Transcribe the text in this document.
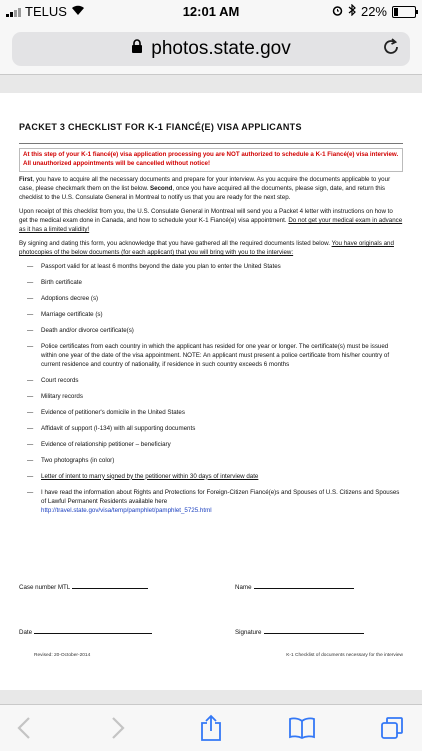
TELUS	12:01 AM	22%
photos.state.gov
PACKET 3 CHECKLIST FOR K-1 FIANCÉ(E) VISA APPLICANTS
At this step of your K-1 fiancé(e) visa application processing you are NOT authorized to schedule a K-1 Fiancé(e) visa interview. All unauthorized appointments will be cancelled without notice!
First, you have to acquire all the necessary documents and prepare for your interview. As you acquire the documents applicable to your case, please checkmark them on the list below. Second, once you have acquired all the documents, please sign, date, and return this checklist to the U.S. Consulate General in Montreal to notify us that you are ready for the next step.
Upon receipt of this checklist from you, the U.S. Consulate General in Montreal will send you a Packet 4 letter with instructions on how to get the medical exam done in Canada, and how to schedule your K-1 Fiancé(e) visa appointment. Do not get your medical exam in advance as it has a limited validity!
By signing and dating this form, you acknowledge that you have gathered all the required documents listed below. You have originals and photocopies of the below documents (for each applicant) that you will bring with you to the interview:
—	Passport valid for at least 6 months beyond the date you plan to enter the United States
—	Birth certificate
—	Adoptions decree (s)
—	Marriage certificate (s)
—	Death and/or divorce certificate(s)
—	Police certificates from each country in which the applicant has resided for one year or longer. The certificate(s) must be issued within one year of the date of the visa appointment. NOTE: An applicant must present a police certificate from his/her country of current residence and country of nationality, if residence in such country exceeds 6 months
—	Court records
—	Military records
—	Evidence of petitioner's domicile in the United States
—	Affidavit of support (I-134) with all supporting documents
—	Evidence of relationship petitioner – beneficiary
—	Two photographs (in color)
—	Letter of intent to marry signed by the petitioner within 30 days of interview date
—	I have read the information about Rights and Protections for Foreign-Citizen Fiancé(e)s and Spouses of U.S. Citizens and Spouses of Lawful Permanent Residents available here
http://travel.state.gov/visa/temp/pamphlet/pamphlet_5725.html
Case number MTL	Name
Date	Signature
Revised: 20-October-2014	K-1 Checklist of documents necessary for the interview
